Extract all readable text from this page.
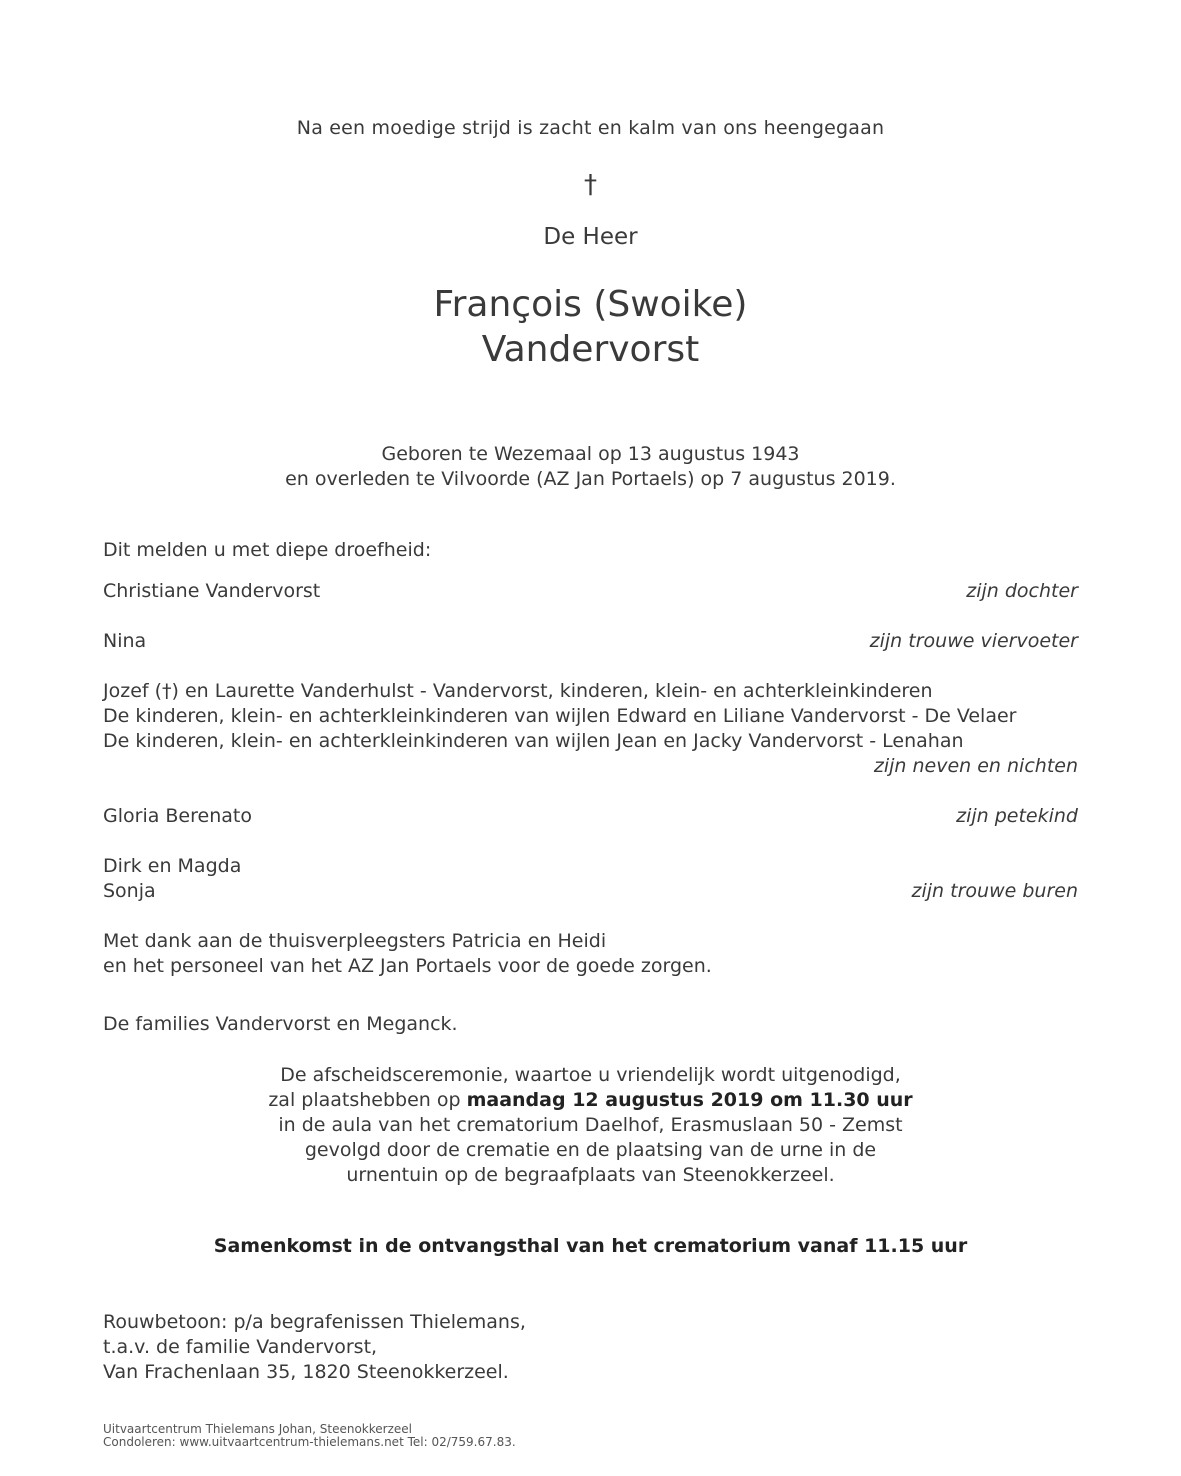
Na een moedige strijd is zacht en kalm van ons heengegaan

†

De Heer

François (Swoike)
Vandervorst
Geboren te Wezemaal op 13 augustus 1943
en overleden te Vilvoorde (AZ Jan Portaels) op 7 augustus 2019.
Dit melden u met diepe droefheid:
Christiane Vandervorst	zijn dochter
Nina	zijn trouwe viervoeter
Jozef (†) en Laurette Vanderhulst - Vandervorst, kinderen, klein- en achterkleinkinderen
De kinderen, klein- en achterkleinkinderen van wijlen Edward en Liliane Vandervorst - De Velaer
De kinderen, klein- en achterkleinkinderen van wijlen Jean en Jacky Vandervorst - Lenahan
zijn neven en nichten
Gloria Berenato	zijn petekind
Dirk en Magda
Sonja	zijn trouwe buren
Met dank aan de thuisverpleegsters Patricia en Heidi
en het personeel van het AZ Jan Portaels voor de goede zorgen.
De families Vandervorst en Meganck.
De afscheidsceremonie, waartoe u vriendelijk wordt uitgenodigd,
zal plaatshebben op maandag 12 augustus 2019 om 11.30 uur
in de aula van het crematorium Daelhof, Erasmuslaan 50 - Zemst
gevolgd door de crematie en de plaatsing van de urne in de
urnentuin op de begraafplaats van Steenokkerzeel.
Samenkomst in de ontvangsthal van het crematorium vanaf 11.15 uur
Rouwbetoon: p/a begrafenissen Thielemans,
t.a.v. de familie Vandervorst,
Van Frachenlaan 35, 1820 Steenokkerzeel.
Uitvaartcentrum Thielemans Johan, Steenokkerzeel
Condoleren: www.uitvaartcentrum-thielemans.net Tel: 02/759.67.83.
